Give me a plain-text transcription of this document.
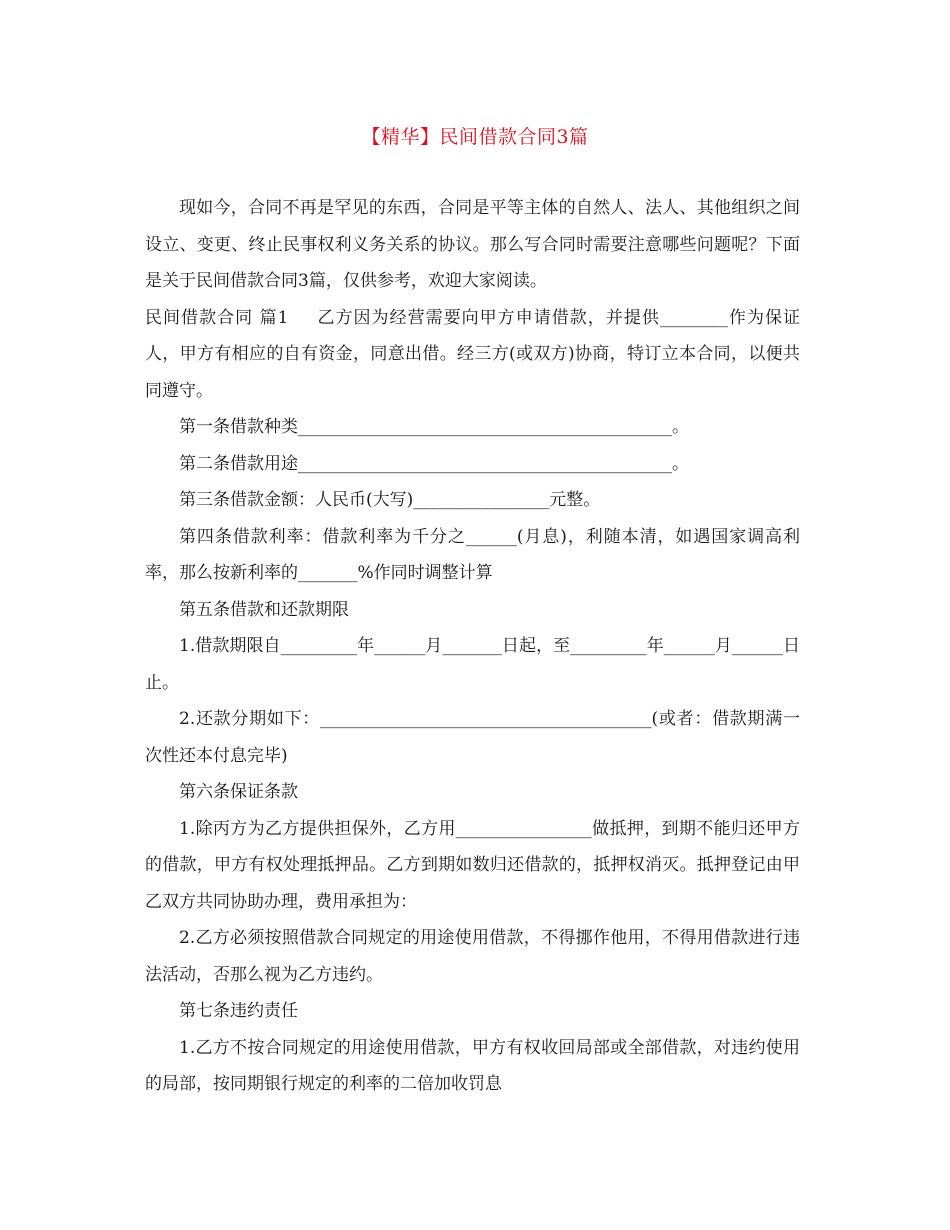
【精华】民间借款合同3篇

现如今，合同不再是罕见的东西，合同是平等主体的自然人、法人、其他组织之间设立、变更、终止民事权利义务关系的协议。那么写合同时需要注意哪些问题呢？下面是关于民间借款合同3篇，仅供参考，欢迎大家阅读。

民间借款合同 篇1 乙方因为经营需要向甲方申请借款，并提供________作为保证人，甲方有相应的自有资金，同意出借。经三方(或双方)协商，特订立本合同，以便共同遵守。

第一条借款种类____________________________________________。

第二条借款用途____________________________________________。

第三条借款金额：人民币(大写)________________元整。

第四条借款利率：借款利率为千分之______(月息)，利随本清，如遇国家调高利率，那么按新利率的_______%作同时调整计算

第五条借款和还款期限

1.借款期限自_________年______月_______日起，至_________年______月______日止。

2.还款分期如下：_______________________________________(或者：借款期满一次性还本付息完毕)

第六条保证条款

1.除丙方为乙方提供担保外，乙方用________________做抵押，到期不能归还甲方的借款，甲方有权处理抵押品。乙方到期如数归还借款的，抵押权消灭。抵押登记由甲乙双方共同协助办理，费用承担为：

2.乙方必须按照借款合同规定的用途使用借款，不得挪作他用，不得用借款进行违法活动，否那么视为乙方违约。

第七条违约责任

1.乙方不按合同规定的用途使用借款，甲方有权收回局部或全部借款，对违约使用的局部，按同期银行规定的利率的二倍加收罚息
